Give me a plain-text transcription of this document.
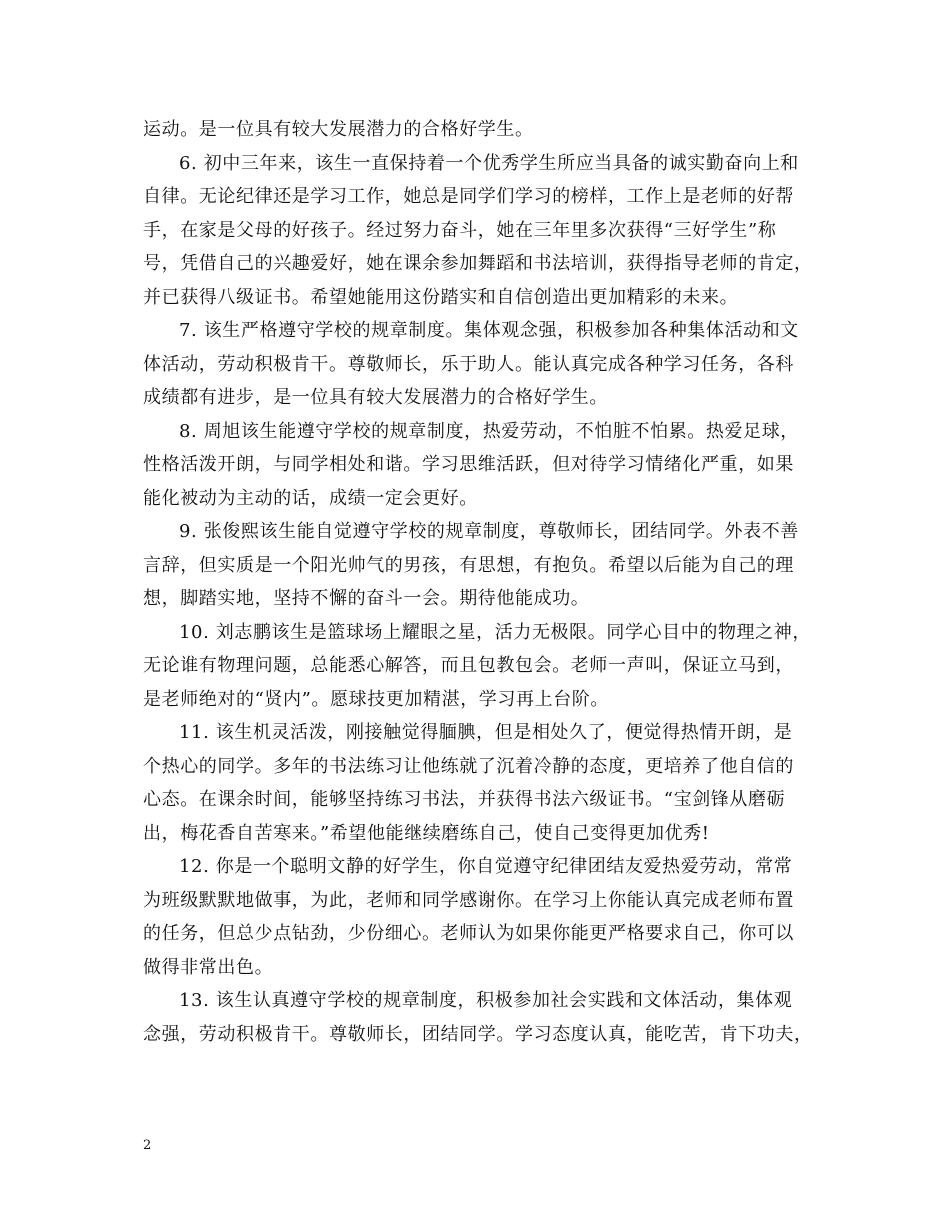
运动。是一位具有较大发展潜力的合格好学生。
6. 初中三年来，该生一直保持着一个优秀学生所应当具备的诚实勤奋向上和
自律。无论纪律还是学习工作，她总是同学们学习的榜样，工作上是老师的好帮
手，在家是父母的好孩子。经过努力奋斗，她在三年里多次获得“三好学生”称
号，凭借自己的兴趣爱好，她在课余参加舞蹈和书法培训，获得指导老师的肯定，
并已获得八级证书。希望她能用这份踏实和自信创造出更加精彩的未来。
7. 该生严格遵守学校的规章制度。集体观念强，积极参加各种集体活动和文
体活动，劳动积极肯干。尊敬师长，乐于助人。能认真完成各种学习任务，各科
成绩都有进步，是一位具有较大发展潜力的合格好学生。
8. 周旭该生能遵守学校的规章制度，热爱劳动，不怕脏不怕累。热爱足球，
性格活泼开朗，与同学相处和谐。学习思维活跃，但对待学习情绪化严重，如果
能化被动为主动的话，成绩一定会更好。
9. 张俊熙该生能自觉遵守学校的规章制度，尊敬师长，团结同学。外表不善
言辞，但实质是一个阳光帅气的男孩，有思想，有抱负。希望以后能为自己的理
想，脚踏实地，坚持不懈的奋斗一会。期待他能成功。
10. 刘志鹏该生是篮球场上耀眼之星，活力无极限。同学心目中的物理之神，
无论谁有物理问题，总能悉心解答，而且包教包会。老师一声叫，保证立马到，
是老师绝对的“贤内”。愿球技更加精湛，学习再上台阶。
11. 该生机灵活泼，刚接触觉得腼腆，但是相处久了，便觉得热情开朗，是
个热心的同学。多年的书法练习让他练就了沉着冷静的态度，更培养了他自信的
心态。在课余时间，能够坚持练习书法，并获得书法六级证书。“宝剑锋从磨砺
出，梅花香自苦寒来。”希望他能继续磨练自己，使自己变得更加优秀!
12. 你是一个聪明文静的好学生，你自觉遵守纪律团结友爱热爱劳动，常常
为班级默默地做事，为此，老师和同学感谢你。在学习上你能认真完成老师布置
的任务，但总少点钻劲，少份细心。老师认为如果你能更严格要求自己，你可以
做得非常出色。
13. 该生认真遵守学校的规章制度，积极参加社会实践和文体活动，集体观
念强，劳动积极肯干。尊敬师长，团结同学。学习态度认真，能吃苦，肯下功夫，
2
